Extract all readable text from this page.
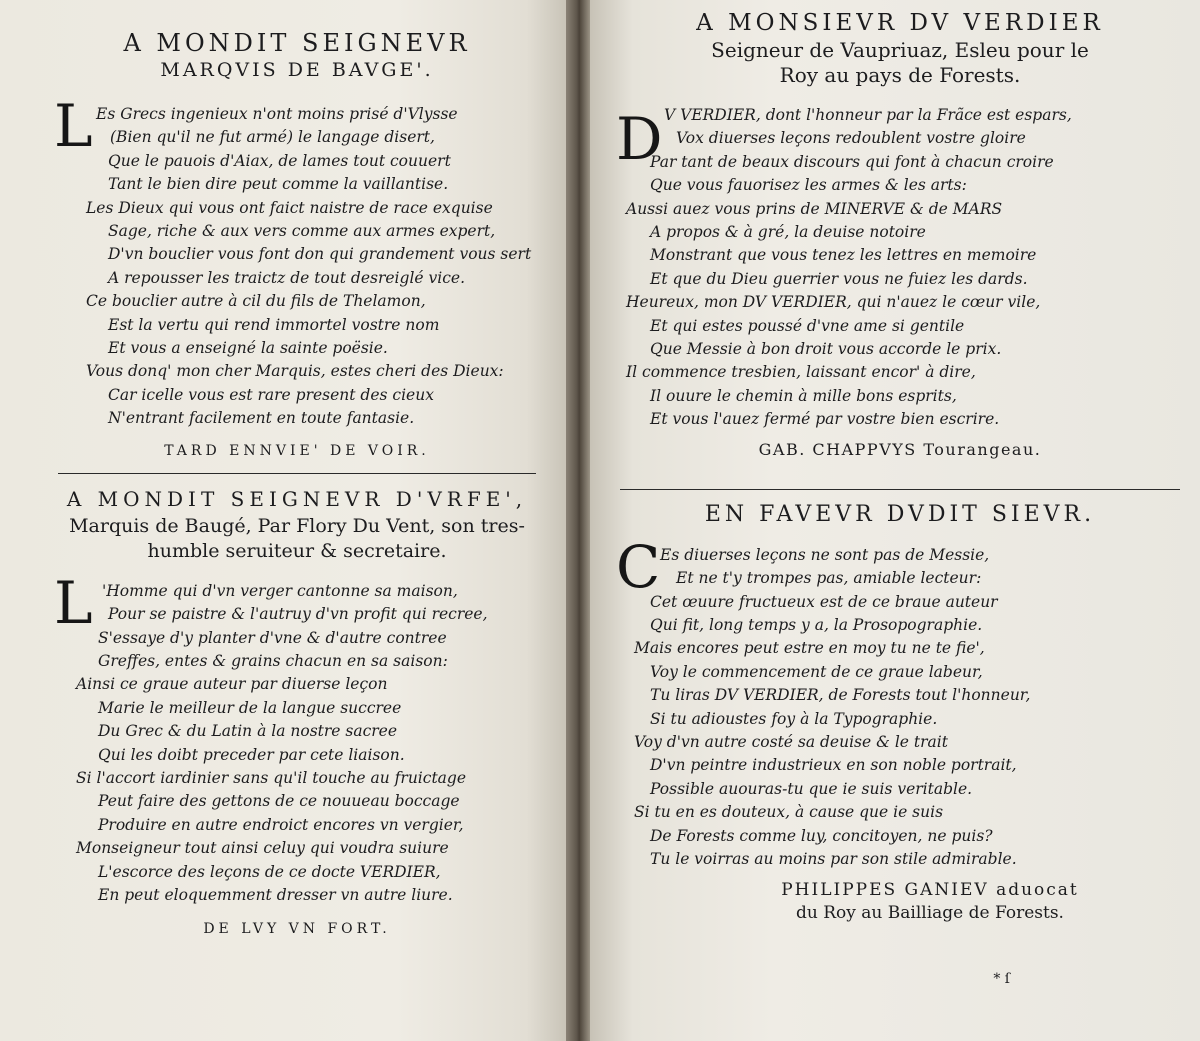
A MONDIT SEIGNEVR
MARQVIS DE BAVGE'.
L Es Grecs ingenieux n'ont moins prisé d'Vlysse
(Bien qu'il ne fut armé) le langage disert,
Que le pauois d'Aiax, de lames tout couuert
Tant le bien dire peut comme la vaillantise.
Les Dieux qui vous ont faict naistre de race exquise
Sage, riche & aux vers comme aux armes expert,
D'vn bouclier vous font don qui grandement vous sert
A repousser les traictz de tout desreiglé vice.
Ce bouclier autre à cil du fils de Thelamon,
Est la vertu qui rend immortel vostre nom
Et vous a enseigné la sainte poësie.
Vous donq' mon cher Marquis, estes cheri des Dieux:
Car icelle vous est rare present des cieux
N'entrant facilement en toute fantasie.
TARD ENNVIE' DE VOIR.
A MONDIT SEIGNEVR D'VRFE',
Marquis de Baugé, Par Flory Du Vent, son tres-
humble seruiteur & secretaire.
L 'Homme qui d'vn verger cantonne sa maison,
Pour se paistre & l'autruy d'vn profit qui recree,
S'essaye d'y planter d'vne & d'autre contree
Greffes, entes & grains chacun en sa saison:
Ainsi ce graue auteur par diuerse leçon
Marie le meilleur de la langue succree
Du Grec & du Latin à la nostre sacree
Qui les doibt preceder par cete liaison.
Si l'accort iardinier sans qu'il touche au fruictage
Peut faire des gettons de ce nouueau boccage
Produire en autre endroict encores vn vergier,
Monseigneur tout ainsi celuy qui voudra suiure
L'escorce des leçons de ce docte VERDIER,
En peut eloquemment dresser vn autre liure.
DE LVY VN FORT.
A MONSIEVR DV VERDIER
Seigneur de Vaupriuaz, Esleu pour le
Roy au pays de Forests.
D V VERDIER, dont l'honneur par la Frãce est espars,
Vox diuerses leçons redoublent vostre gloire
Par tant de beaux discours qui font à chacun croire
Que vous fauorisez les armes & les arts:
Aussi auez vous prins de MINERVE & de MARS
A propos & à gré, la deuise notoire
Monstrant que vous tenez les lettres en memoire
Et que du Dieu guerrier vous ne fuiez les dards.
Heureux, mon DV VERDIER, qui n'auez le cœur vile,
Et qui estes poussé d'vne ame si gentile
Que Messie à bon droit vous accorde le prix.
Il commence tresbien, laissant encor' à dire,
Il ouure le chemin à mille bons esprits,
Et vous l'auez fermé par vostre bien escrire.
GAB. CHAPPVYS Tourangeau.
EN FAVEVR DVDIT SIEVR.
C Es diuerses leçons ne sont pas de Messie,
Et ne t'y trompes pas, amiable lecteur:
Cet œuure fructueux est de ce braue auteur
Qui fit, long temps y a, la Prosopographie.
Mais encores peut estre en moy tu ne te fie',
Voy le commencement de ce graue labeur,
Tu liras DV VERDIER, de Forests tout l'honneur,
Si tu adioustes foy à la Typographie.
Voy d'vn autre costé sa deuise & le trait
D'vn peintre industrieux en son noble portrait,
Possible auouras-tu que ie suis veritable.
Si tu en es douteux, à cause que ie suis
De Forests comme luy, concitoyen, ne puis?
Tu le voirras au moins par son stile admirable.
PHILIPPES GANIEV aduocat
du Roy au Bailliage de Forests.
* ſ
